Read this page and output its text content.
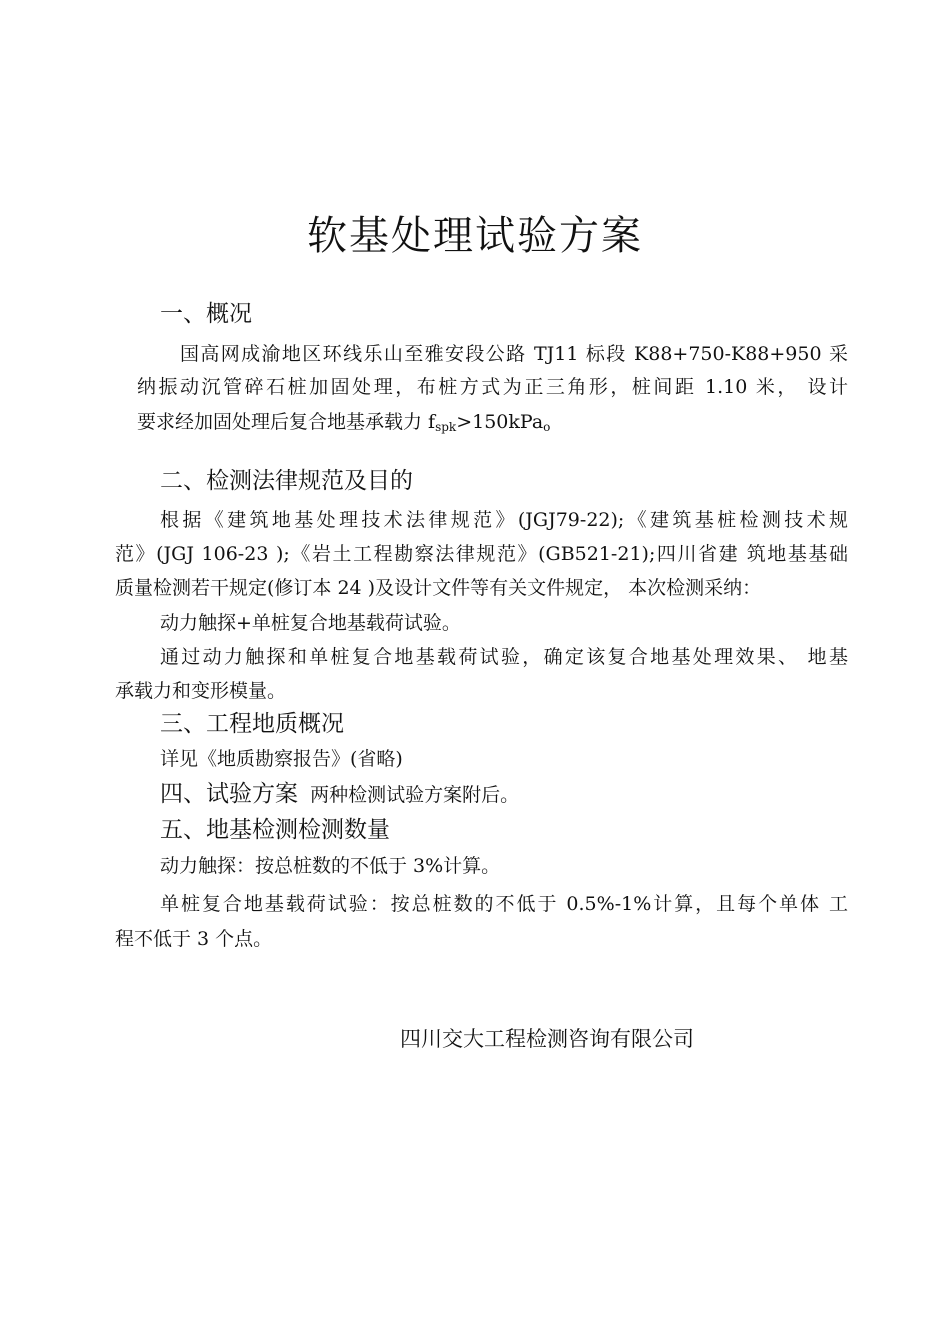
软基处理试验方案
一、概况
国高网成渝地区环线乐山至雅安段公路 TJ11 标段 K88+750-K88+950 采
纳振动沉管碎石桩加固处理，布桩方式为正三角形，桩间距 1.10 米， 设计
要求经加固处理后复合地基承载力 $f_{spk}>150kPa_o$
二、检测法律规范及目的
根据《建筑地基处理技术法律规范》(JGJ79-22);《建筑基桩检测技术规
范》(JGJ 106-23 );《岩土工程勘察法律规范》(GB521-21);四川省建 筑地基基础
质量检测若干规定(修订本 24 )及设计文件等有关文件规定， 本次检测采纳：
动力触探+单桩复合地基载荷试验。
通过动力触探和单桩复合地基载荷试验，确定该复合地基处理效果、 地基
承载力和变形模量。
三、工程地质概况
详见《地质勘察报告》(省略)
四、试验方案 两种检测试验方案附后。
五、地基检测检测数量
动力触探：按总桩数的不低于 3%计算。
单桩复合地基载荷试验：按总桩数的不低于 0.5%-1%计算，且每个单体 工
程不低于 3 个点。
四川交大工程检测咨询有限公司
